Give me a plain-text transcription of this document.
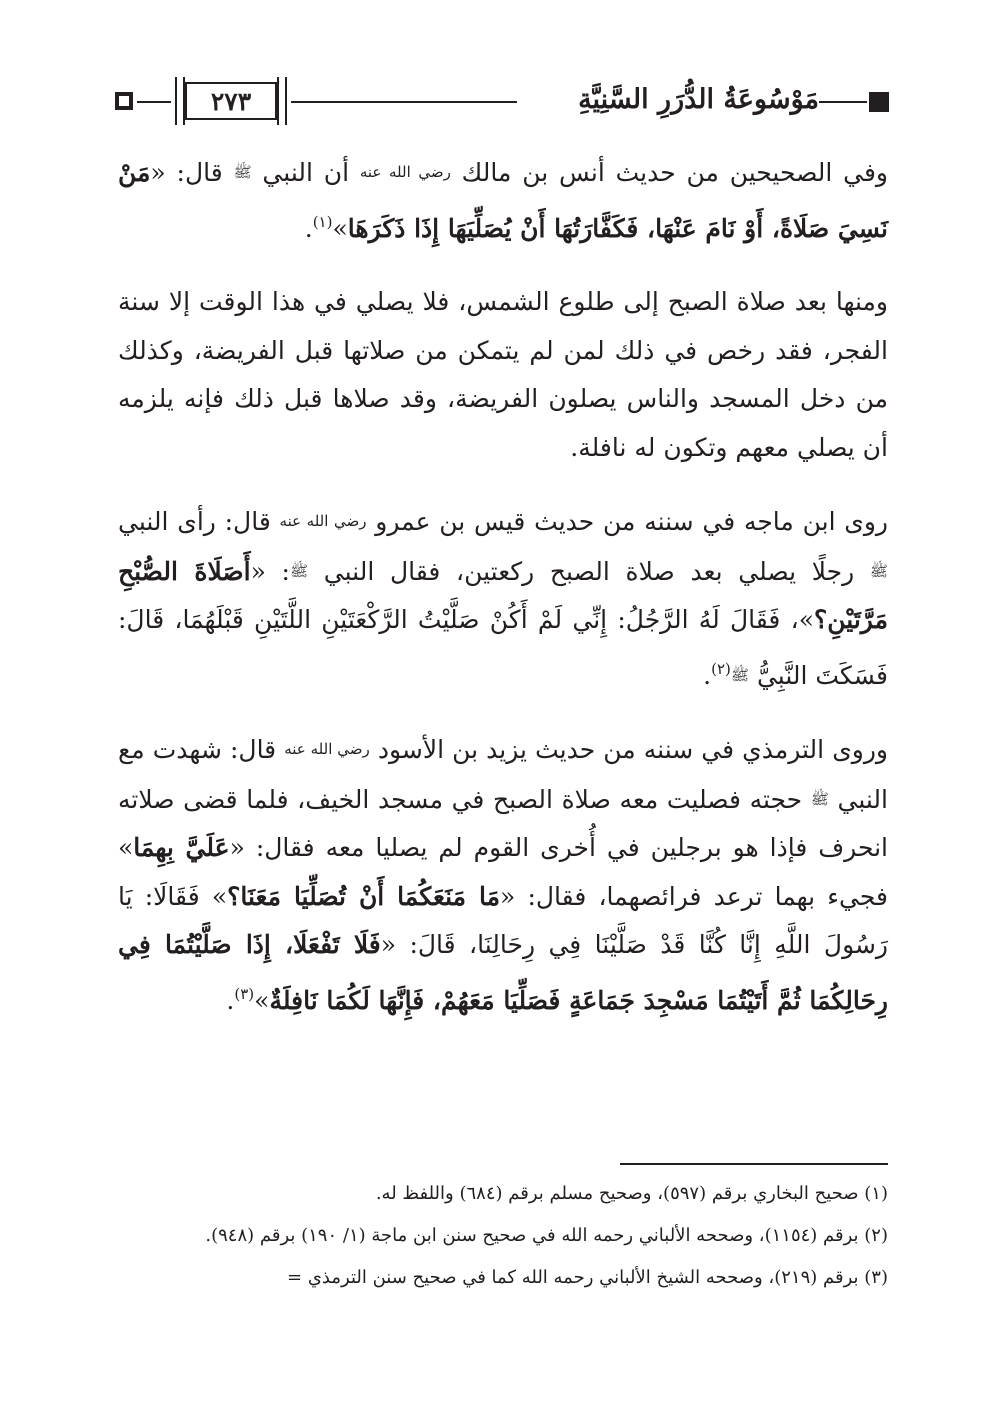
مَوْسُوعَةُ الدُّرَرِ السَّنِيَّةِ
٢٧٣

وفي الصحيحين من حديث أنس بن مالك رضي الله عنه أن النبي ﷺ قال: «مَنْ نَسِيَ صَلَاةً، أَوْ نَامَ عَنْهَا، فَكَفَّارَتُهَا أَنْ يُصَلِّيَهَا إِذَا ذَكَرَهَا»$^{(١)}$.

ومنها بعد صلاة الصبح إلى طلوع الشمس، فلا يصلي في هذا الوقت إلا سنة الفجر، فقد رخص في ذلك لمن لم يتمكن من صلاتها قبل الفريضة، وكذلك من دخل المسجد والناس يصلون الفريضة، وقد صلاها قبل ذلك فإنه يلزمه أن يصلي معهم وتكون له نافلة.

روى ابن ماجه في سننه من حديث قيس بن عمرو رضي الله عنه قال: رأى النبي ﷺ رجلًا يصلي بعد صلاة الصبح ركعتين، فقال النبي ﷺ: «أَصَلَاةَ الصُّبْحِ مَرَّتَيْنِ؟»، فَقَالَ لَهُ الرَّجُلُ: إِنِّي لَمْ أَكُنْ صَلَّيْتُ الرَّكْعَتَيْنِ اللَّتَيْنِ قَبْلَهُمَا، قَالَ: فَسَكَتَ النَّبِيُّ ﷺ$^{(٢)}$.

وروى الترمذي في سننه من حديث يزيد بن الأسود رضي الله عنه قال: شهدت مع النبي ﷺ حجته فصليت معه صلاة الصبح في مسجد الخيف، فلما قضى صلاته انحرف فإذا هو برجلين في أُخرى القوم لم يصليا معه فقال: «عَلَيَّ بِهِمَا» فجيء بهما ترعد فرائصهما، فقال: «مَا مَنَعَكُمَا أَنْ تُصَلِّيَا مَعَنَا؟» فَقَالَا: يَا رَسُولَ اللَّهِ إِنَّا كُنَّا قَدْ صَلَّيْنَا فِي رِحَالِنَا، قَالَ: «فَلَا تَفْعَلَا، إِذَا صَلَّيْتُمَا فِي رِحَالِكُمَا ثُمَّ أَتَيْتُمَا مَسْجِدَ جَمَاعَةٍ فَصَلِّيَا مَعَهُمْ، فَإِنَّهَا لَكُمَا نَافِلَةٌ»$^{(٣)}$.

(١) صحيح البخاري برقم (٥٩٧)، وصحيح مسلم برقم (٦٨٤) واللفظ له.

(٢) برقم (١١٥٤)، وصححه الألباني رحمه الله في صحيح سنن ابن ماجة (١/ ١٩٠) برقم (٩٤٨).

(٣) برقم (٢١٩)، وصححه الشيخ الألباني رحمه الله كما في صحيح سنن الترمذي =
